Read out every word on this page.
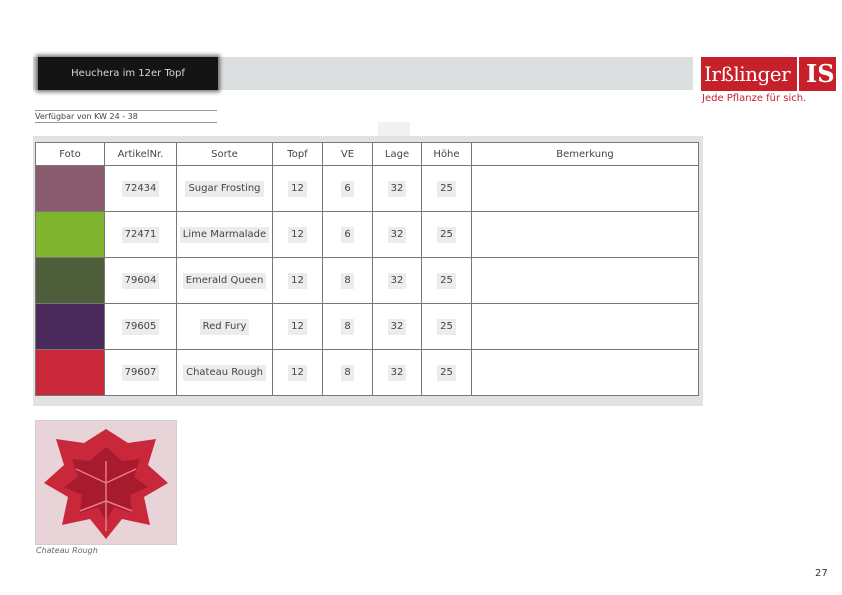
Heuchera im 12er Topf	Irßlinger IS
Jede Pflanze für sich.
Verfügbar von KW 24 - 38
Foto	ArtikelNr.	Sorte	Topf	VE	Lage	Höhe	Bemerkung

	72434	Sugar Frosting	12	6	32	25	

	72471	Lime Marmalade	12	6	32	25	

	79604	Emerald Queen	12	8	32	25	

	79605	Red Fury	12	8	32	25	

	79607	Chateau Rough	12	8	32	25	
Chateau Rough
27
